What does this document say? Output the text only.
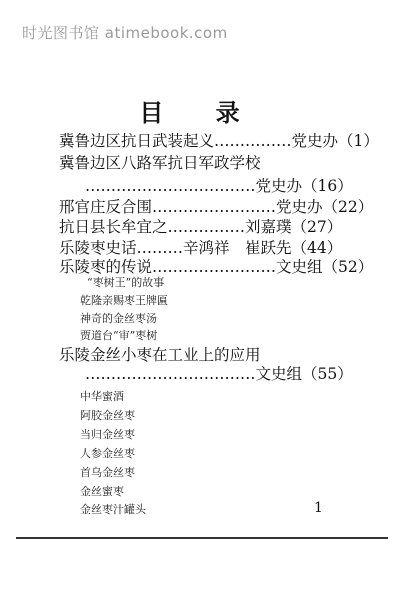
时光图书馆 atimebook.com
目 录
冀鲁边区抗日武装起义……………党史办（1）
冀鲁边区八路军抗日军政学校
……………………………党史办（16）
邢官庄反合围……………………党史办（22）
抗日县长牟宜之……………刘嘉璞（27）
乐陵枣史话………辛鸿祥　崔跃先（44）
乐陵枣的传说……………………文史组（52）
“枣树王”的故事
乾隆亲赐枣王牌匾
神奇的金丝枣汤
贾道台“审”枣树
乐陵金丝小枣在工业上的应用
……………………………文史组（55）
中华蜜酒
阿胶金丝枣
当归金丝枣
人参金丝枣
首乌金丝枣
金丝蜜枣
金丝枣汁罐头	1
